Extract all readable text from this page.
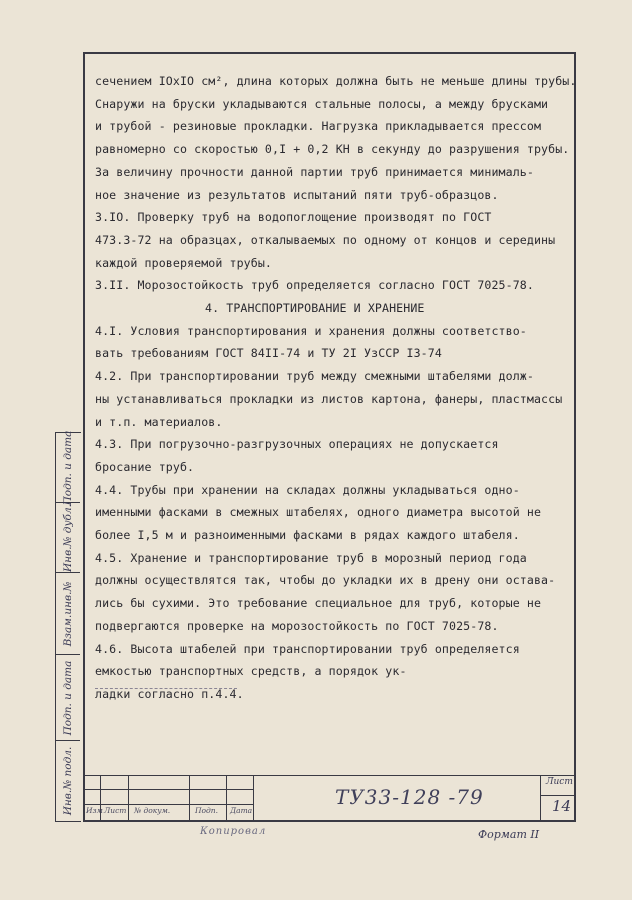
сечением IOxIO см², длина которых должна быть не меньше длины трубы.
Снаружи на бруски укладываются стальные полосы, а между брусками
и трубой - резиновые прокладки. Нагрузка прикладывается прессом
равномерно со скоростью 0,I + 0,2 КН в секунду до разрушения трубы.
За величину прочности данной партии труб принимается минималь-
ное значение из результатов испытаний пяти труб-образцов.
3.IO. Проверку труб на водопоглощение производят по ГОСТ
473.3-72 на образцах, откалываемых по одному от концов и середины
каждой проверяемой трубы.
3.II. Морозостойкость труб определяется согласно ГОСТ 7025-78.
4. ТРАНСПОРТИРОВАНИЕ И ХРАНЕНИЕ
4.I. Условия транспортирования и хранения должны соответство-
вать требованиям ГОСТ 84II-74 и ТУ 2I УзССР I3-74
4.2. При транспортировании труб между смежными штабелями долж-
ны устанавливаться прокладки из листов картона, фанеры, пластмассы
и т.п. материалов.
4.3. При погрузочно-разгрузочных операциях не допускается
бросание труб.
4.4. Трубы при хранении на складах должны укладываться одно-
именными фасками в смежных штабелях, одного диаметра высотой не
более I,5 м и разноименными фасками в рядах каждого штабеля.
4.5. Хранение и транспортирование труб в морозный период года
должны осуществлятся так, чтобы до укладки их в дрену они остава-
лись бы сухими. Это требование специальное для труб, которые не
подвергаются проверке на морозостойкость по ГОСТ 7025-78.
4.6. Высота штабелей при транспортировании труб определяется
емкостью транспортных средств, а порядок ук-
ладки согласно п.4.4.
Подп. и дата
Инв.№ дубл.
Взам.инв.№
Подп. и дата
Инв.№ подл. Изм Лист № докум.	Подп. Дата
ТУ33-128 -79
Лист
14
Копировал	Формат II
